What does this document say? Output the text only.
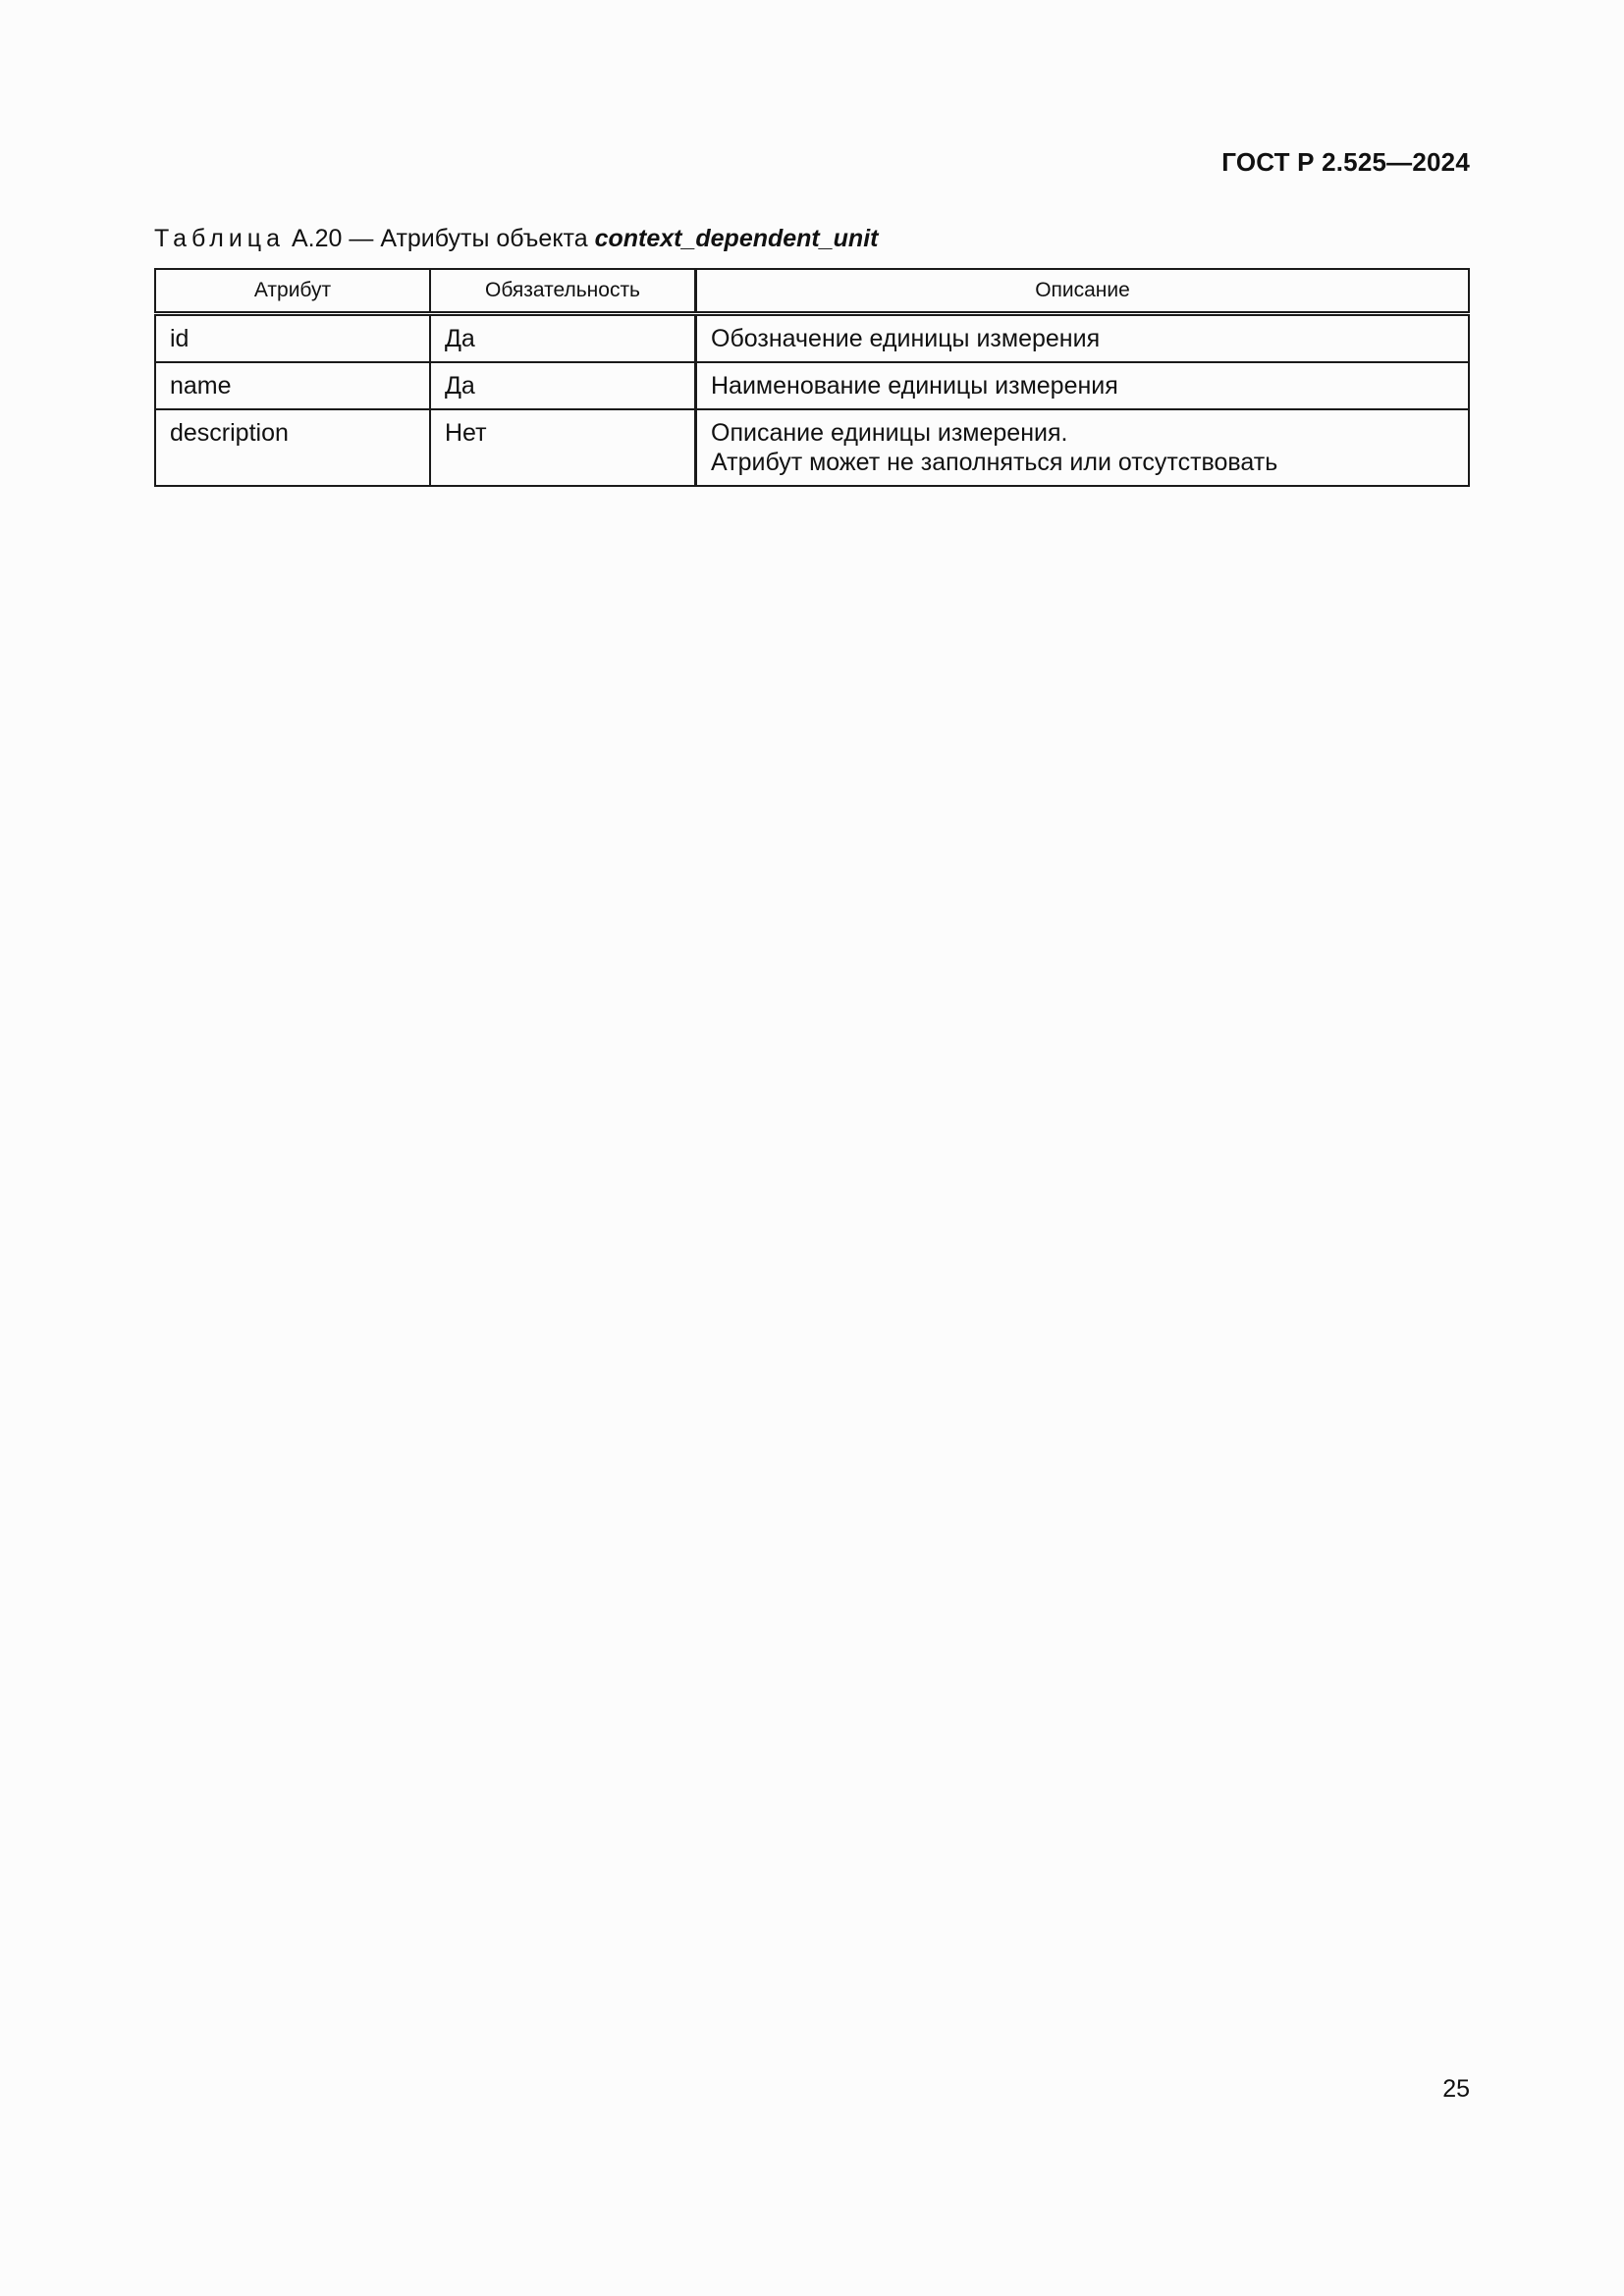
ГОСТ Р 2.525—2024
Таблица А.20 — Атрибуты объекта context_dependent_unit
Атрибут	Обязательность	Описание
id	Да	Обозначение единицы измерения

name	Да	Наименование единицы измерения

description	Нет	Описание единицы измерения.
Атрибут может не заполняться или отсутствовать
25
